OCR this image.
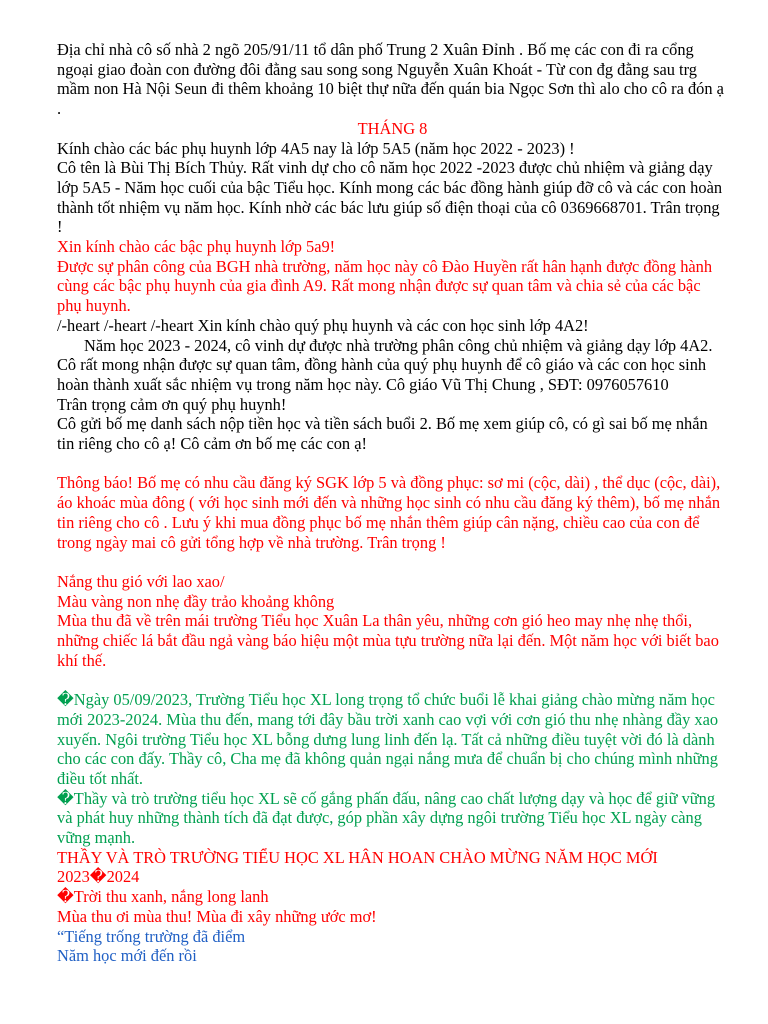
Địa chỉ nhà cô số nhà 2 ngõ 205/91/11 tổ dân phố Trung 2 Xuân Đỉnh . Bố mẹ các con đi ra cổng ngoại giao đoàn con đường đôi đằng sau song song Nguyễn Xuân Khoát - Từ con đg đằng sau trg mầm non Hà Nội Seun đi thêm khoảng 10 biệt thự nữa đến quán bia Ngọc Sơn thì alo cho cô ra đón ạ .

THÁNG 8

Kính chào các bác phụ huynh lớp 4A5 nay là lớp 5A5 (năm học 2022 - 2023) !

Cô tên là Bùi Thị Bích Thủy. Rất vinh dự cho cô năm học 2022 -2023 được chủ nhiệm và giảng dạy lớp 5A5 - Năm học cuối của bậc Tiểu học. Kính mong các bác đồng hành giúp đỡ cô và các con hoàn thành tốt nhiệm vụ năm học. Kính nhờ các bác lưu giúp số điện thoại của cô 0369668701. Trân trọng !

Xin kính chào các bậc phụ huynh lớp 5a9!

Được sự phân công của BGH nhà trường, năm học này cô Đào Huyền rất hân hạnh được đồng hành cùng các bậc phụ huynh của gia đình A9. Rất mong nhận được sự quan tâm và chia sẻ của các bậc phụ huynh.

/-heart /-heart /-heart Xin kính chào quý phụ huynh và các con học sinh lớp 4A2!

Năm học 2023 - 2024, cô vinh dự được nhà trường phân công chủ nhiệm và giảng dạy lớp 4A2. Cô rất mong nhận được sự quan tâm, đồng hành của quý phụ huynh để cô giáo và các con học sinh hoàn thành xuất sắc nhiệm vụ trong năm học này. Cô giáo Vũ Thị Chung , SĐT: 0976057610

Trân trọng cảm ơn quý phụ huynh!

Cô gửi bố mẹ danh sách nộp tiền học và tiền sách buổi 2. Bố mẹ xem giúp cô, có gì sai bố mẹ nhắn tin riêng cho cô ạ! Cô cảm ơn bố mẹ các con ạ!

Thông báo! Bố mẹ có nhu cầu đăng ký SGK lớp 5 và đồng phục: sơ mi (cộc, dài) , thể dục (cộc, dài), áo khoác mùa đông ( với học sinh mới đến và những học sinh có nhu cầu đăng ký thêm), bố mẹ nhắn tin riêng cho cô . Lưu ý khi mua đồng phục bố mẹ nhắn thêm giúp cân nặng, chiều cao của con để trong ngày mai cô gửi tổng hợp về nhà trường. Trân trọng !

Nắng thu gió với lao xao/

Màu vàng non nhẹ đầy trảo khoảng không

Mùa thu đã về trên mái trường Tiểu học Xuân La thân yêu, những cơn gió heo may nhẹ nhẹ thổi, những chiếc lá bắt đầu ngả vàng báo hiệu một mùa tựu trường nữa lại đến. Một năm học với biết bao khí thế.

�Ngày 05/09/2023, Trường Tiểu học XL long trọng tổ chức buổi lễ khai giảng chào mừng năm học mới 2023-2024. Mùa thu đến, mang tới đây bầu trời xanh cao vợi với cơn gió thu nhẹ nhàng đầy xao xuyến. Ngôi trường Tiểu học XL bỗng dưng lung linh đến lạ. Tất cả những điều tuyệt vời đó là dành cho các con đấy. Thầy cô, Cha mẹ đã không quản ngại nắng mưa để chuẩn bị cho chúng mình những điều tốt nhất.

�Thầy và trò trường tiểu học XL sẽ cố gắng phấn đấu, nâng cao chất lượng dạy và học để giữ vững và phát huy những thành tích đã đạt được, góp phần xây dựng ngôi trường Tiểu học XL ngày càng vững mạnh.

THẦY VÀ TRÒ TRƯỜNG TIỂU HỌC XL HÂN HOAN CHÀO MỪNG NĂM HỌC MỚI 2023�2024

�Trời thu xanh, nắng long lanh

Mùa thu ơi mùa thu! Mùa đi xây những ước mơ!

“Tiếng trống trường đã điểm

Năm học mới đến rồi
